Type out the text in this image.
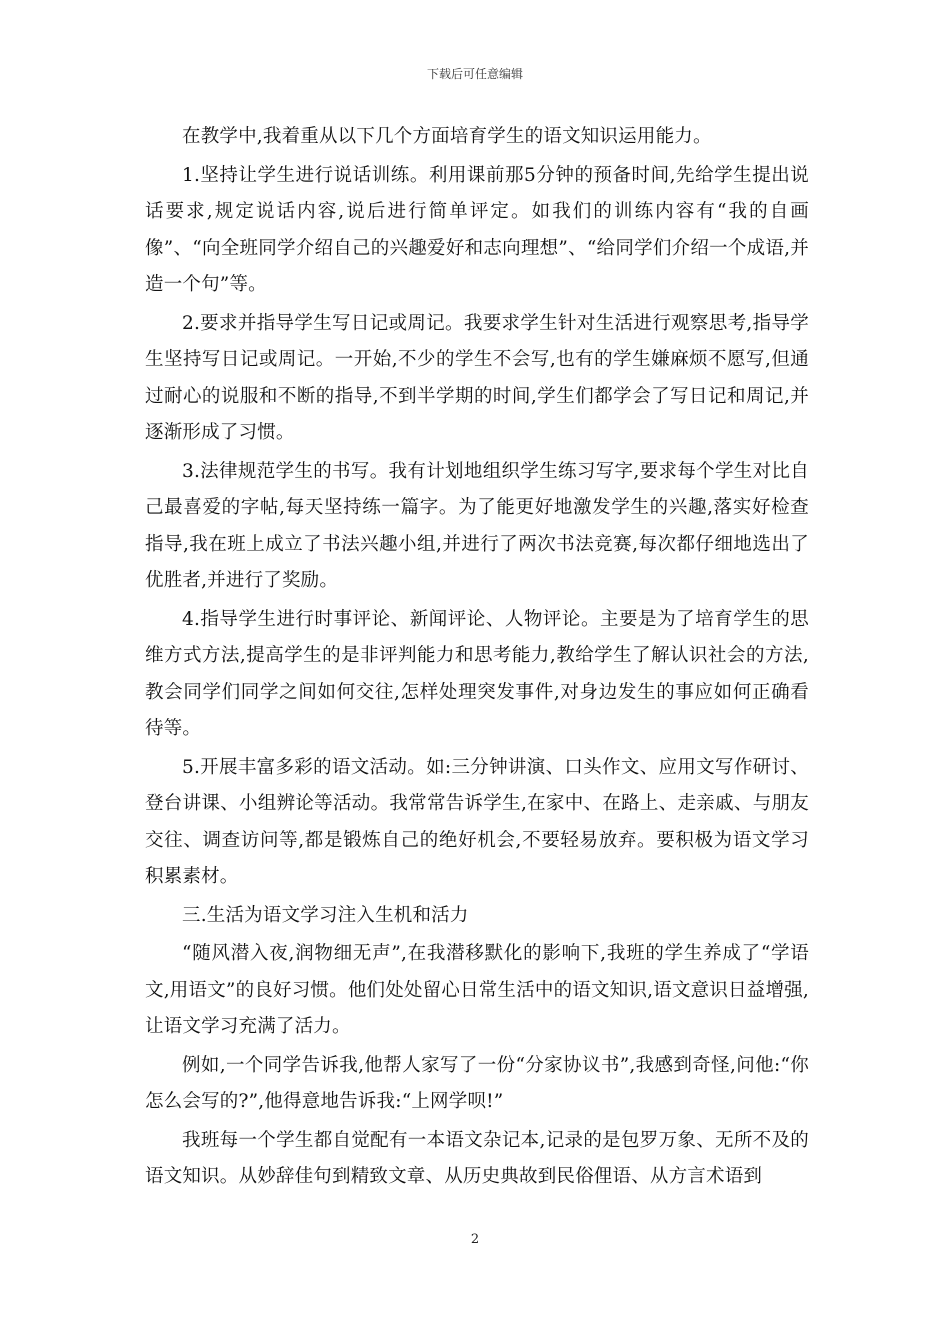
下载后可任意编辑

在教学中,我着重从以下几个方面培育学生的语文知识运用能力。

1.坚持让学生进行说话训练。利用课前那5分钟的预备时间,先给学生提出说话要求,规定说话内容,说后进行简单评定。如我们的训练内容有“我的自画像”、“向全班同学介绍自己的兴趣爱好和志向理想”、“给同学们介绍一个成语,并造一个句”等。

2.要求并指导学生写日记或周记。我要求学生针对生活进行观察思考,指导学生坚持写日记或周记。一开始,不少的学生不会写,也有的学生嫌麻烦不愿写,但通过耐心的说服和不断的指导,不到半学期的时间,学生们都学会了写日记和周记,并逐渐形成了习惯。

3.法律规范学生的书写。我有计划地组织学生练习写字,要求每个学生对比自己最喜爱的字帖,每天坚持练一篇字。为了能更好地激发学生的兴趣,落实好检查指导,我在班上成立了书法兴趣小组,并进行了两次书法竞赛,每次都仔细地选出了优胜者,并进行了奖励。

4.指导学生进行时事评论、新闻评论、人物评论。主要是为了培育学生的思维方式方法,提高学生的是非评判能力和思考能力,教给学生了解认识社会的方法,教会同学们同学之间如何交往,怎样处理突发事件,对身边发生的事应如何正确看待等。

5.开展丰富多彩的语文活动。如:三分钟讲演、口头作文、应用文写作研讨、登台讲课、小组辨论等活动。我常常告诉学生,在家中、在路上、走亲戚、与朋友交往、调查访问等,都是锻炼自己的绝好机会,不要轻易放弃。要积极为语文学习积累素材。

三.生活为语文学习注入生机和活力

“随风潜入夜,润物细无声”,在我潜移默化的影响下,我班的学生养成了“学语文,用语文”的良好习惯。他们处处留心日常生活中的语文知识,语文意识日益增强,让语文学习充满了活力。

例如,一个同学告诉我,他帮人家写了一份“分家协议书”,我感到奇怪,问他:“你怎么会写的?”,他得意地告诉我:“上网学呗!”

我班每一个学生都自觉配有一本语文杂记本,记录的是包罗万象、无所不及的语文知识。从妙辞佳句到精致文章、从历史典故到民俗俚语、从方言术语到

2
